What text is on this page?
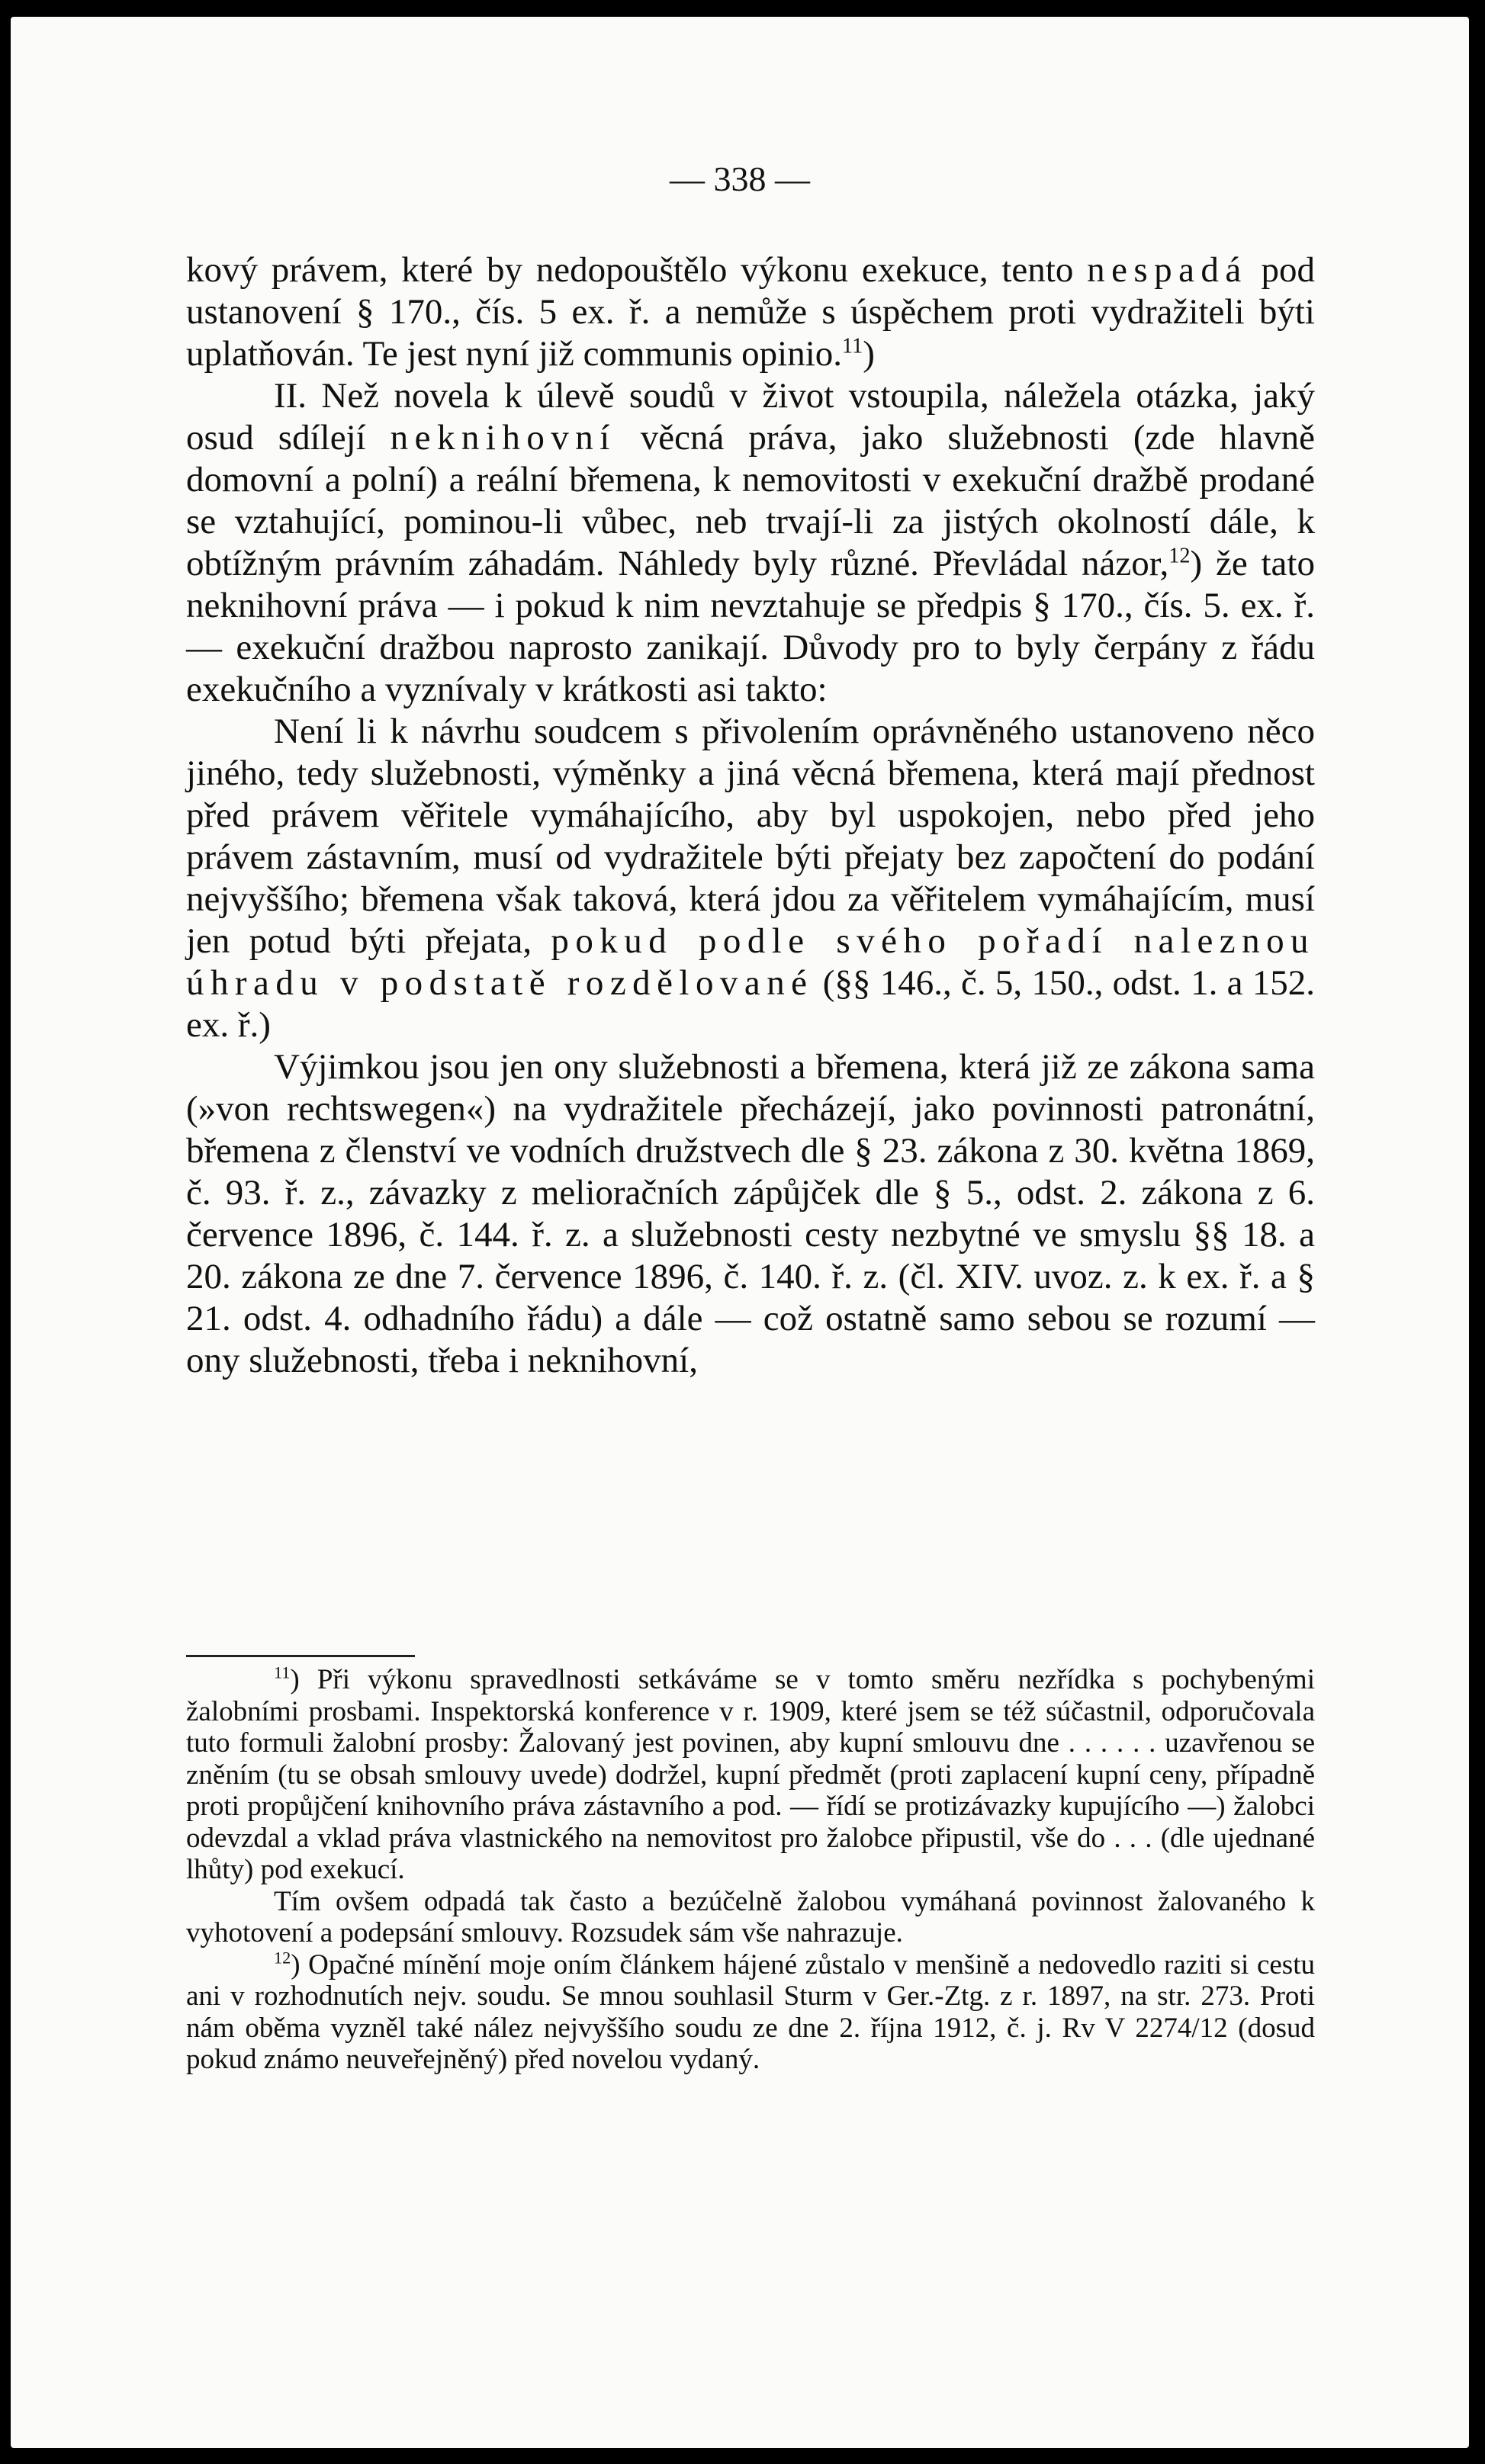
— 338 —

kový právem, které by nedopouštělo výkonu exekuce, tento nespadá pod ustanovení § 170., čís. 5 ex. ř. a nemůže s úspěchem proti vydražiteli býti uplatňován. Te jest nyní již communis opinio.$^{11}$)

II. Než novela k úlevě soudů v život vstoupila, náležela otázka, jaký osud sdílejí neknihovní věcná práva, jako služebnosti (zde hlavně domovní a polní) a reální břemena, k nemovitosti v exekuční dražbě prodané se vztahující, pominou-li vůbec, neb trvají-li za jistých okolností dále, k obtížným právním záhadám. Náhledy byly různé. Převládal názor,$^{12}$) že tato neknihovní práva — i pokud k nim nevztahuje se předpis § 170., čís. 5. ex. ř. — exekuční dražbou naprosto zanikají. Důvody pro to byly čerpány z řádu exekučního a vyznívaly v krátkosti asi takto:

Není li k návrhu soudcem s přivolením oprávněného ustanoveno něco jiného, tedy služebnosti, výměnky a jiná věcná břemena, která mají přednost před právem věřitele vymáhajícího, aby byl uspokojen, nebo před jeho právem zástavním, musí od vydražitele býti přejaty bez započtení do podání nejvyššího; břemena však taková, která jdou za věřitelem vymáhajícím, musí jen potud býti přejata, pokud podle svého pořadí naleznou úhradu v podstatě rozdělované (§§ 146., č. 5, 150., odst. 1. a 152. ex. ř.)

Výjimkou jsou jen ony služebnosti a břemena, která již ze zákona sama (»von rechtswegen«) na vydražitele přecházejí, jako povinnosti patronátní, břemena z členství ve vodních družstvech dle § 23. zákona z 30. května 1869, č. 93. ř. z., závazky z melioračních zápůjček dle § 5., odst. 2. zákona z 6. července 1896, č. 144. ř. z. a služebnosti cesty nezbytné ve smyslu §§ 18. a 20. zákona ze dne 7. července 1896, č. 140. ř. z. (čl. XIV. uvoz. z. k ex. ř. a § 21. odst. 4. odhadního řádu) a dále — což ostatně samo sebou se rozumí — ony služebnosti, třeba i neknihovní,

$^{11}$) Při výkonu spravedlnosti setkáváme se v tomto směru nezřídka s pochybenými žalobními prosbami. Inspektorská konference v r. 1909, které jsem se též súčastnil, odporučovala tuto formuli žalobní prosby: Žalovaný jest povinen, aby kupní smlouvu dne . . . . . . uzavřenou se zněním (tu se obsah smlouvy uvede) dodržel, kupní předmět (proti zaplacení kupní ceny, případně proti propůjčení knihovního práva zástavního a pod. — řídí se protizávazky kupujícího —) žalobci odevzdal a vklad práva vlastnického na nemovitost pro žalobce připustil, vše do . . . (dle ujednané lhůty) pod exekucí.

Tím ovšem odpadá tak často a bezúčelně žalobou vymáhaná povinnost žalovaného k vyhotovení a podepsání smlouvy. Rozsudek sám vše nahrazuje.

$^{12}$) Opačné mínění moje oním článkem hájené zůstalo v menšině a nedovedlo raziti si cestu ani v rozhodnutích nejv. soudu. Se mnou souhlasil Sturm v Ger.-Ztg. z r. 1897, na str. 273. Proti nám oběma vyzněl také nález nejvyššího soudu ze dne 2. října 1912, č. j. Rv V 2274/12 (dosud pokud známo neuveřejněný) před novelou vydaný.
